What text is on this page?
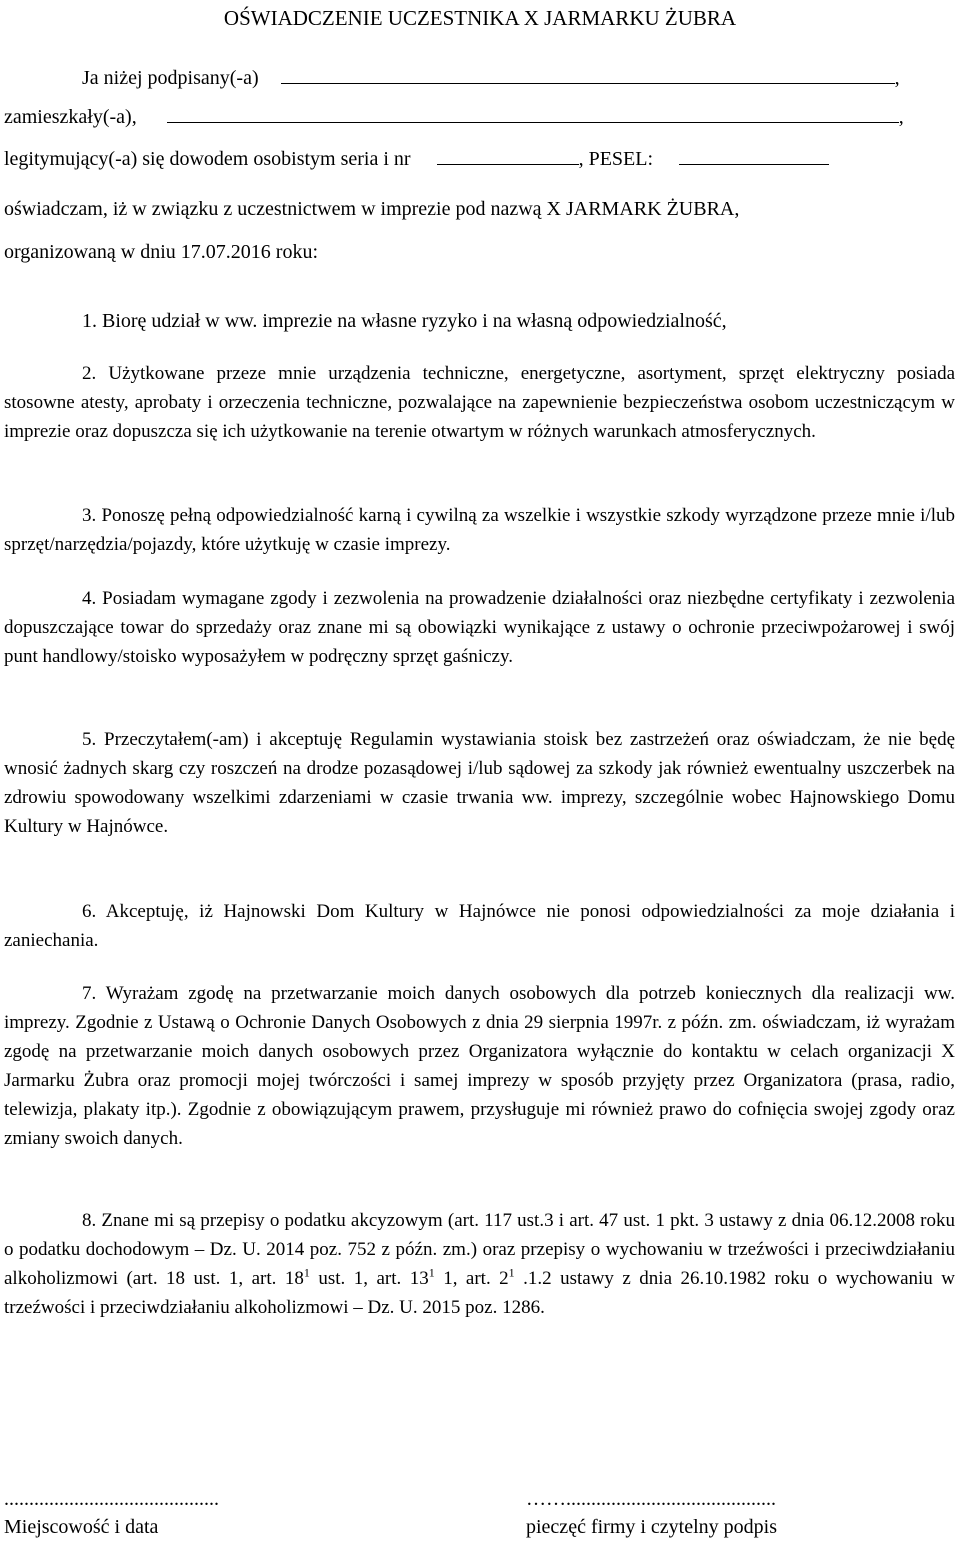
OŚWIADCZENIE UCZESTNIKA X JARMARKU ŻUBRA
Ja niżej podpisany(-a)	,
zamieszkały(-a),	,
legitymujący(-a) się dowodem osobistym seria i nr	, PESEL:
oświadczam, iż w związku z uczestnictwem w imprezie pod nazwą X JARMARK ŻUBRA,
organizowaną w dniu 17.07.2016 roku:
1. Biorę udział w ww. imprezie na własne ryzyko i na własną odpowiedzialność,
2. Użytkowane przeze mnie urządzenia techniczne, energetyczne, asortyment, sprzęt elektryczny posiada stosowne atesty, aprobaty i orzeczenia techniczne, pozwalające na zapewnienie bezpieczeństwa osobom uczestniczącym w imprezie oraz dopuszcza się ich użytkowanie na terenie otwartym w różnych warunkach atmosferycznych.
3. Ponoszę pełną odpowiedzialność karną i cywilną za wszelkie i wszystkie szkody wyrządzone przeze mnie i/lub sprzęt/narzędzia/pojazdy, które użytkuję w czasie imprezy.
4. Posiadam wymagane zgody i zezwolenia na prowadzenie działalności oraz niezbędne certyfikaty i zezwolenia dopuszczające towar do sprzedaży oraz znane mi są obowiązki wynikające z ustawy o ochronie przeciwpożarowej i swój punt handlowy/stoisko wyposażyłem w podręczny sprzęt gaśniczy.
5. Przeczytałem(-am) i akceptuję Regulamin wystawiania stoisk bez zastrzeżeń oraz oświadczam, że nie będę wnosić żadnych skarg czy roszczeń na drodze pozasądowej i/lub sądowej za szkody jak również ewentualny uszczerbek na zdrowiu spowodowany wszelkimi zdarzeniami w czasie trwania ww. imprezy, szczególnie wobec Hajnowskiego Domu Kultury w Hajnówce.
6. Akceptuję, iż Hajnowski Dom Kultury w Hajnówce nie ponosi odpowiedzialności za moje działania i zaniechania.
7. Wyrażam zgodę na przetwarzanie moich danych osobowych dla potrzeb koniecznych dla realizacji ww. imprezy. Zgodnie z Ustawą o Ochronie Danych Osobowych z dnia 29 sierpnia 1997r. z późn. zm. oświadczam, iż wyrażam zgodę na przetwarzanie moich danych osobowych przez Organizatora wyłącznie do kontaktu w celach organizacji X Jarmarku Żubra oraz promocji mojej twórczości i samej imprezy w sposób przyjęty przez Organizatora (prasa, radio, telewizja, plakaty itp.). Zgodnie z obowiązującym prawem, przysługuje mi również prawo do cofnięcia swojej zgody oraz zmiany swoich danych.
8. Znane mi są przepisy o podatku akcyzowym (art. 117 ust.3 i art. 47 ust. 1 pkt. 3 ustawy z dnia 06.12.2008 roku o podatku dochodowym – Dz. U. 2014 poz. 752 z późn. zm.) oraz przepisy o wychowaniu w trzeźwości i przeciwdziałaniu alkoholizmowi (art. 18 ust. 1, art. $18^1$ ust. 1, art. $13^1$ 1, art. $2^1$ .1.2 ustawy z dnia 26.10.1982 roku o wychowaniu w trzeźwości i przeciwdziałaniu alkoholizmowi – Dz. U. 2015 poz. 1286.
...........................................
Miejscowość i data
……..........................................
pieczęć firmy i czytelny podpis
